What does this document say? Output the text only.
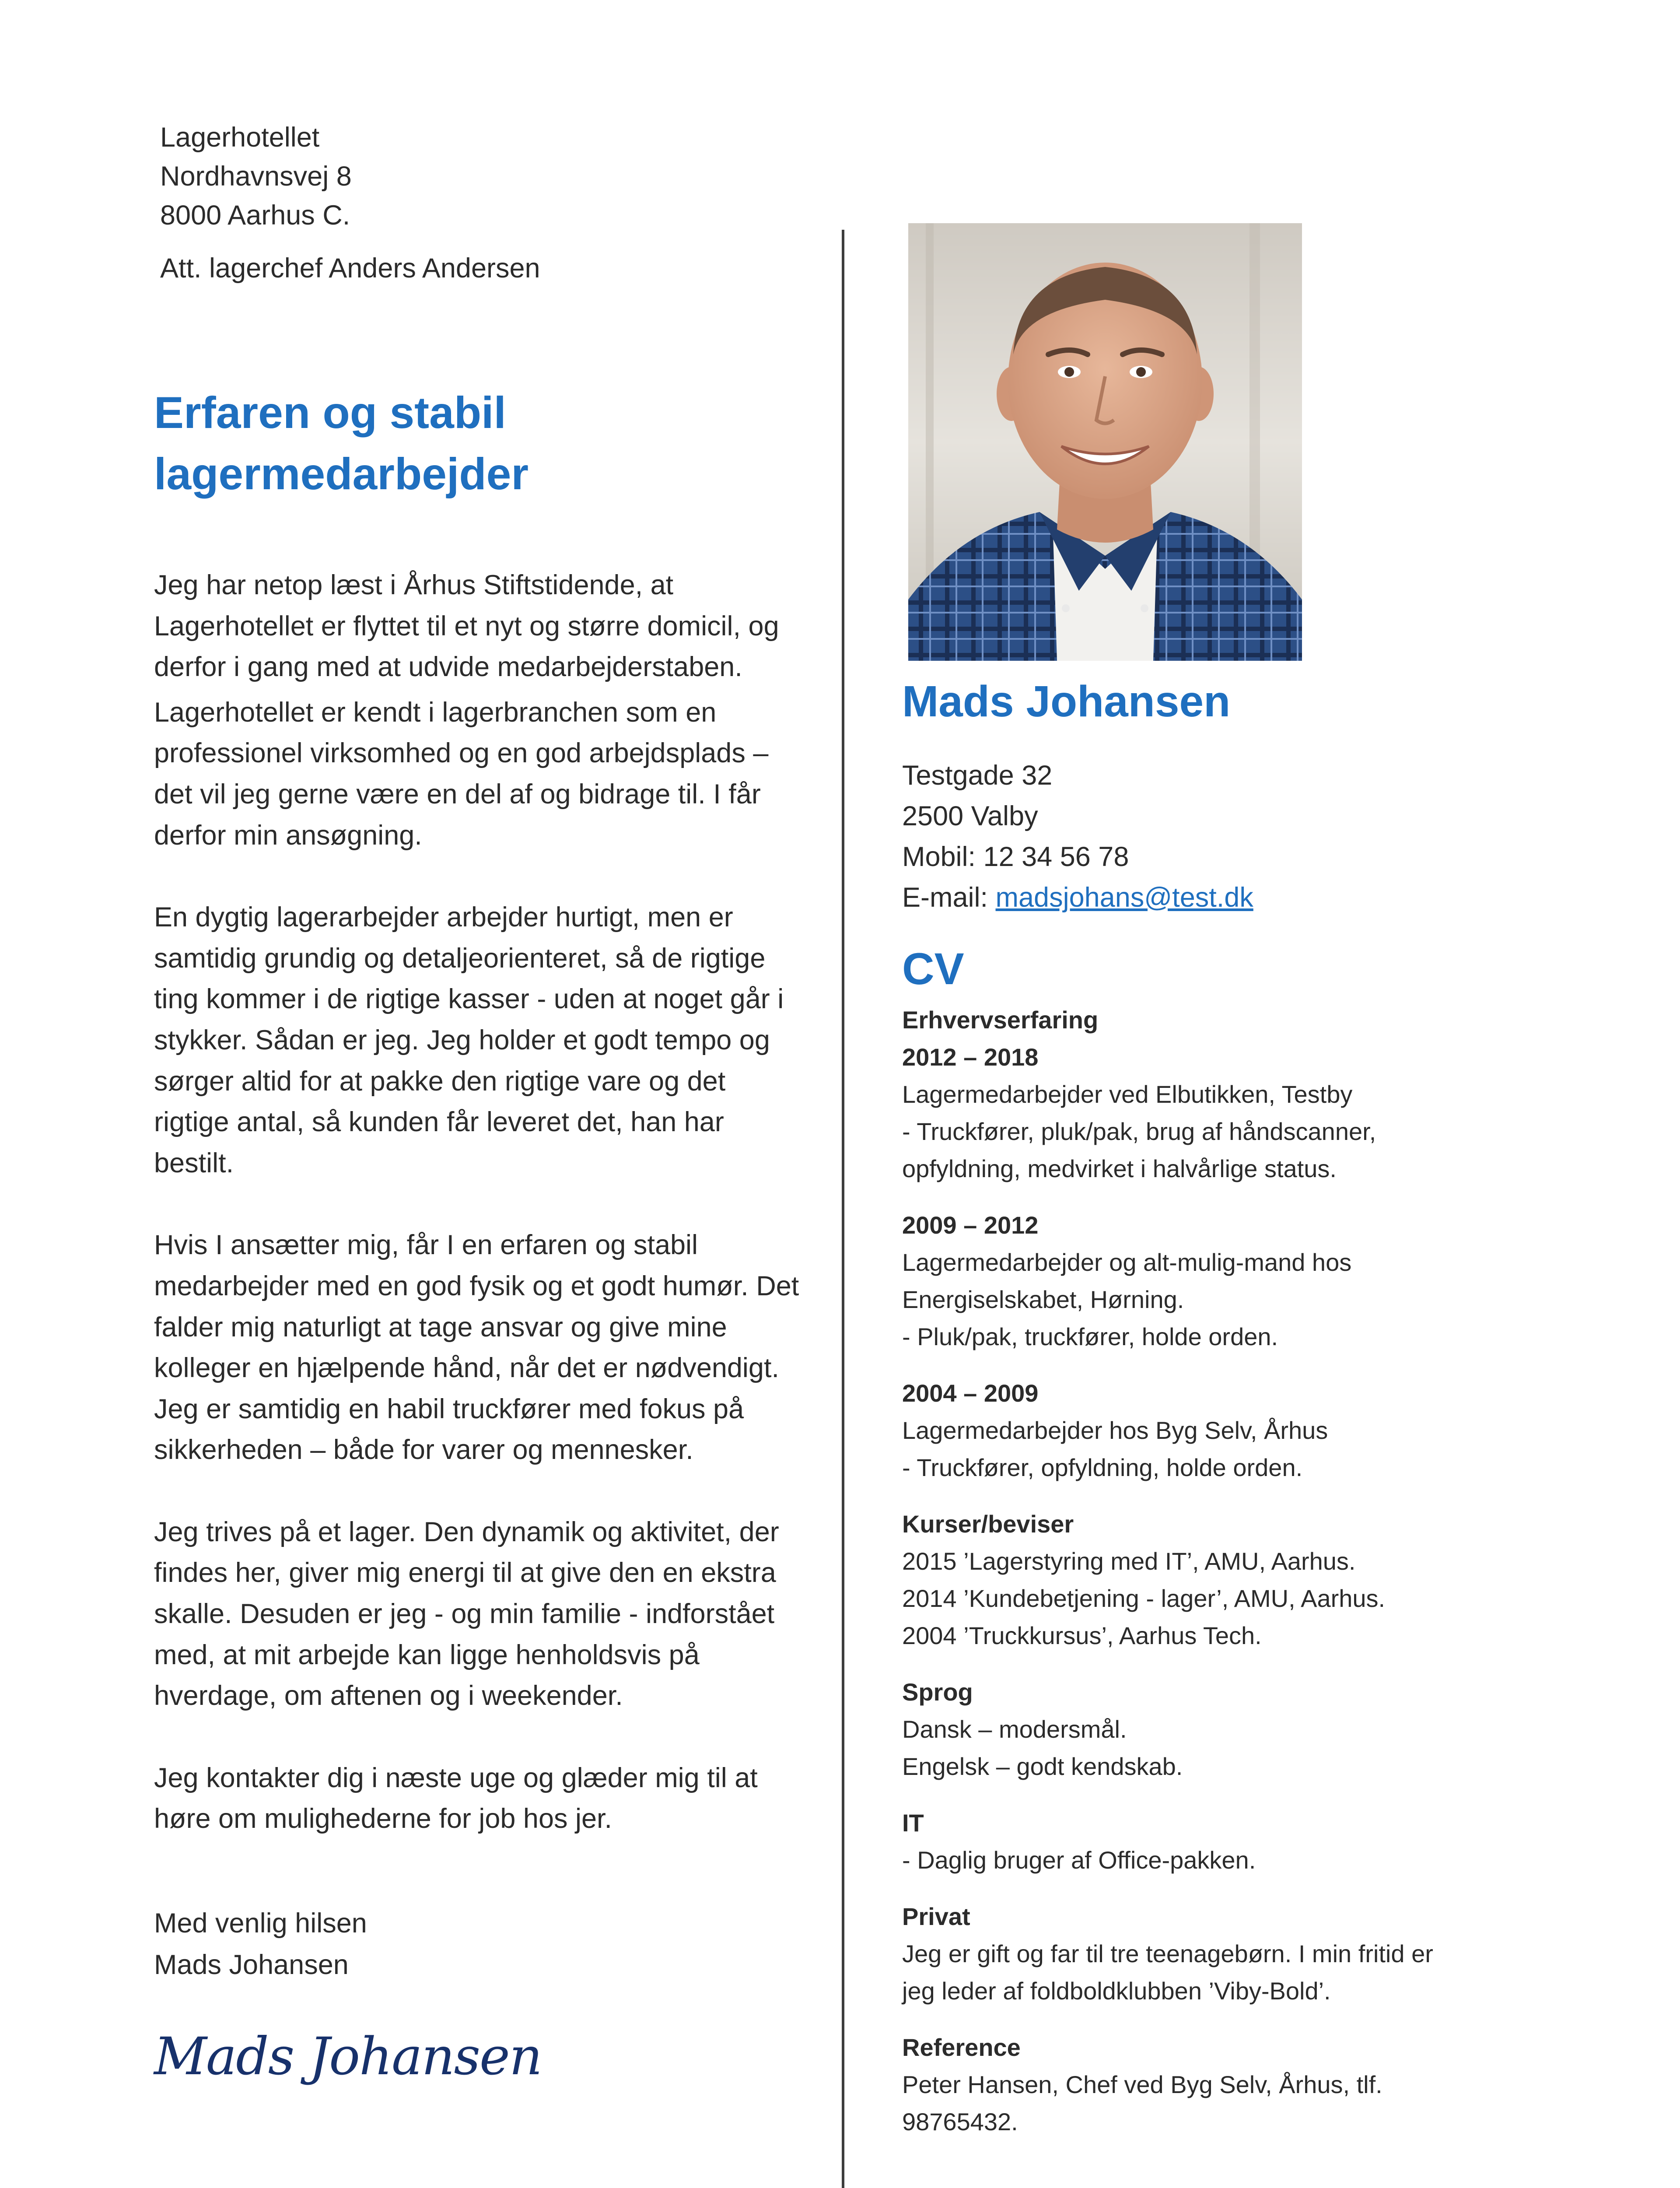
Lagerhotellet
Nordhavnsvej 8
8000 Aarhus C.
Att. lagerchef Anders Andersen
Erfaren og stabil
lagermedarbejder

Jeg har netop læst i Århus Stiftstidende, at Lagerhotellet er flyttet til et nyt og større domicil, og derfor i gang med at udvide medarbejderstaben.

Lagerhotellet er kendt i lagerbranchen som en professionel virksomhed og en god arbejdsplads – det vil jeg gerne være en del af og bidrage til. I får derfor min ansøgning.

En dygtig lagerarbejder arbejder hurtigt, men er samtidig grundig og detaljeorienteret, så de rigtige ting kommer i de rigtige kasser - uden at noget går i stykker. Sådan er jeg. Jeg holder et godt tempo og sørger altid for at pakke den rigtige vare og det rigtige antal, så kunden får leveret det, han har bestilt.

Hvis I ansætter mig, får I en erfaren og stabil medarbejder med en god fysik og et godt humør. Det falder mig naturligt at tage ansvar og give mine kolleger en hjælpende hånd, når det er nødvendigt. Jeg er samtidig en habil truckfører med fokus på sikkerheden – både for varer og mennesker.

Jeg trives på et lager. Den dynamik og aktivitet, der findes her, giver mig energi til at give den en ekstra skalle. Desuden er jeg - og min familie - indforstået med, at mit arbejde kan ligge henholdsvis på hverdage, om aftenen og i weekender.

Jeg kontakter dig i næste uge og glæder mig til at høre om mulighederne for job hos jer.

Med venlig hilsen
Mads Johansen
Mads Johansen
Mads Johansen
Testgade 32
2500 Valby
Mobil: 12 34 56 78
E-mail: madsjohans@test.dk
CV
Erhvervserfaring
2012 – 2018
Lagermedarbejder ved Elbutikken, Testby
- Truckfører, pluk/pak, brug af håndscanner,
opfyldning, medvirket i halvårlige status.
2009 – 2012
Lagermedarbejder og alt-mulig-mand hos
Energiselskabet, Hørning.
- Pluk/pak, truckfører, holde orden.
2004 – 2009
Lagermedarbejder hos Byg Selv, Århus
- Truckfører, opfyldning, holde orden.
Kurser/beviser
2015 ’Lagerstyring med IT’, AMU, Aarhus.
2014 ’Kundebetjening - lager’, AMU, Aarhus.
2004 ’Truckkursus’, Aarhus Tech.
Sprog
Dansk – modersmål.
Engelsk – godt kendskab.
IT
- Daglig bruger af Office-pakken.
Privat
Jeg er gift og far til tre teenagebørn. I min fritid er
jeg leder af foldboldklubben ’Viby-Bold’.
Reference
Peter Hansen, Chef ved Byg Selv, Århus, tlf.
98765432.
